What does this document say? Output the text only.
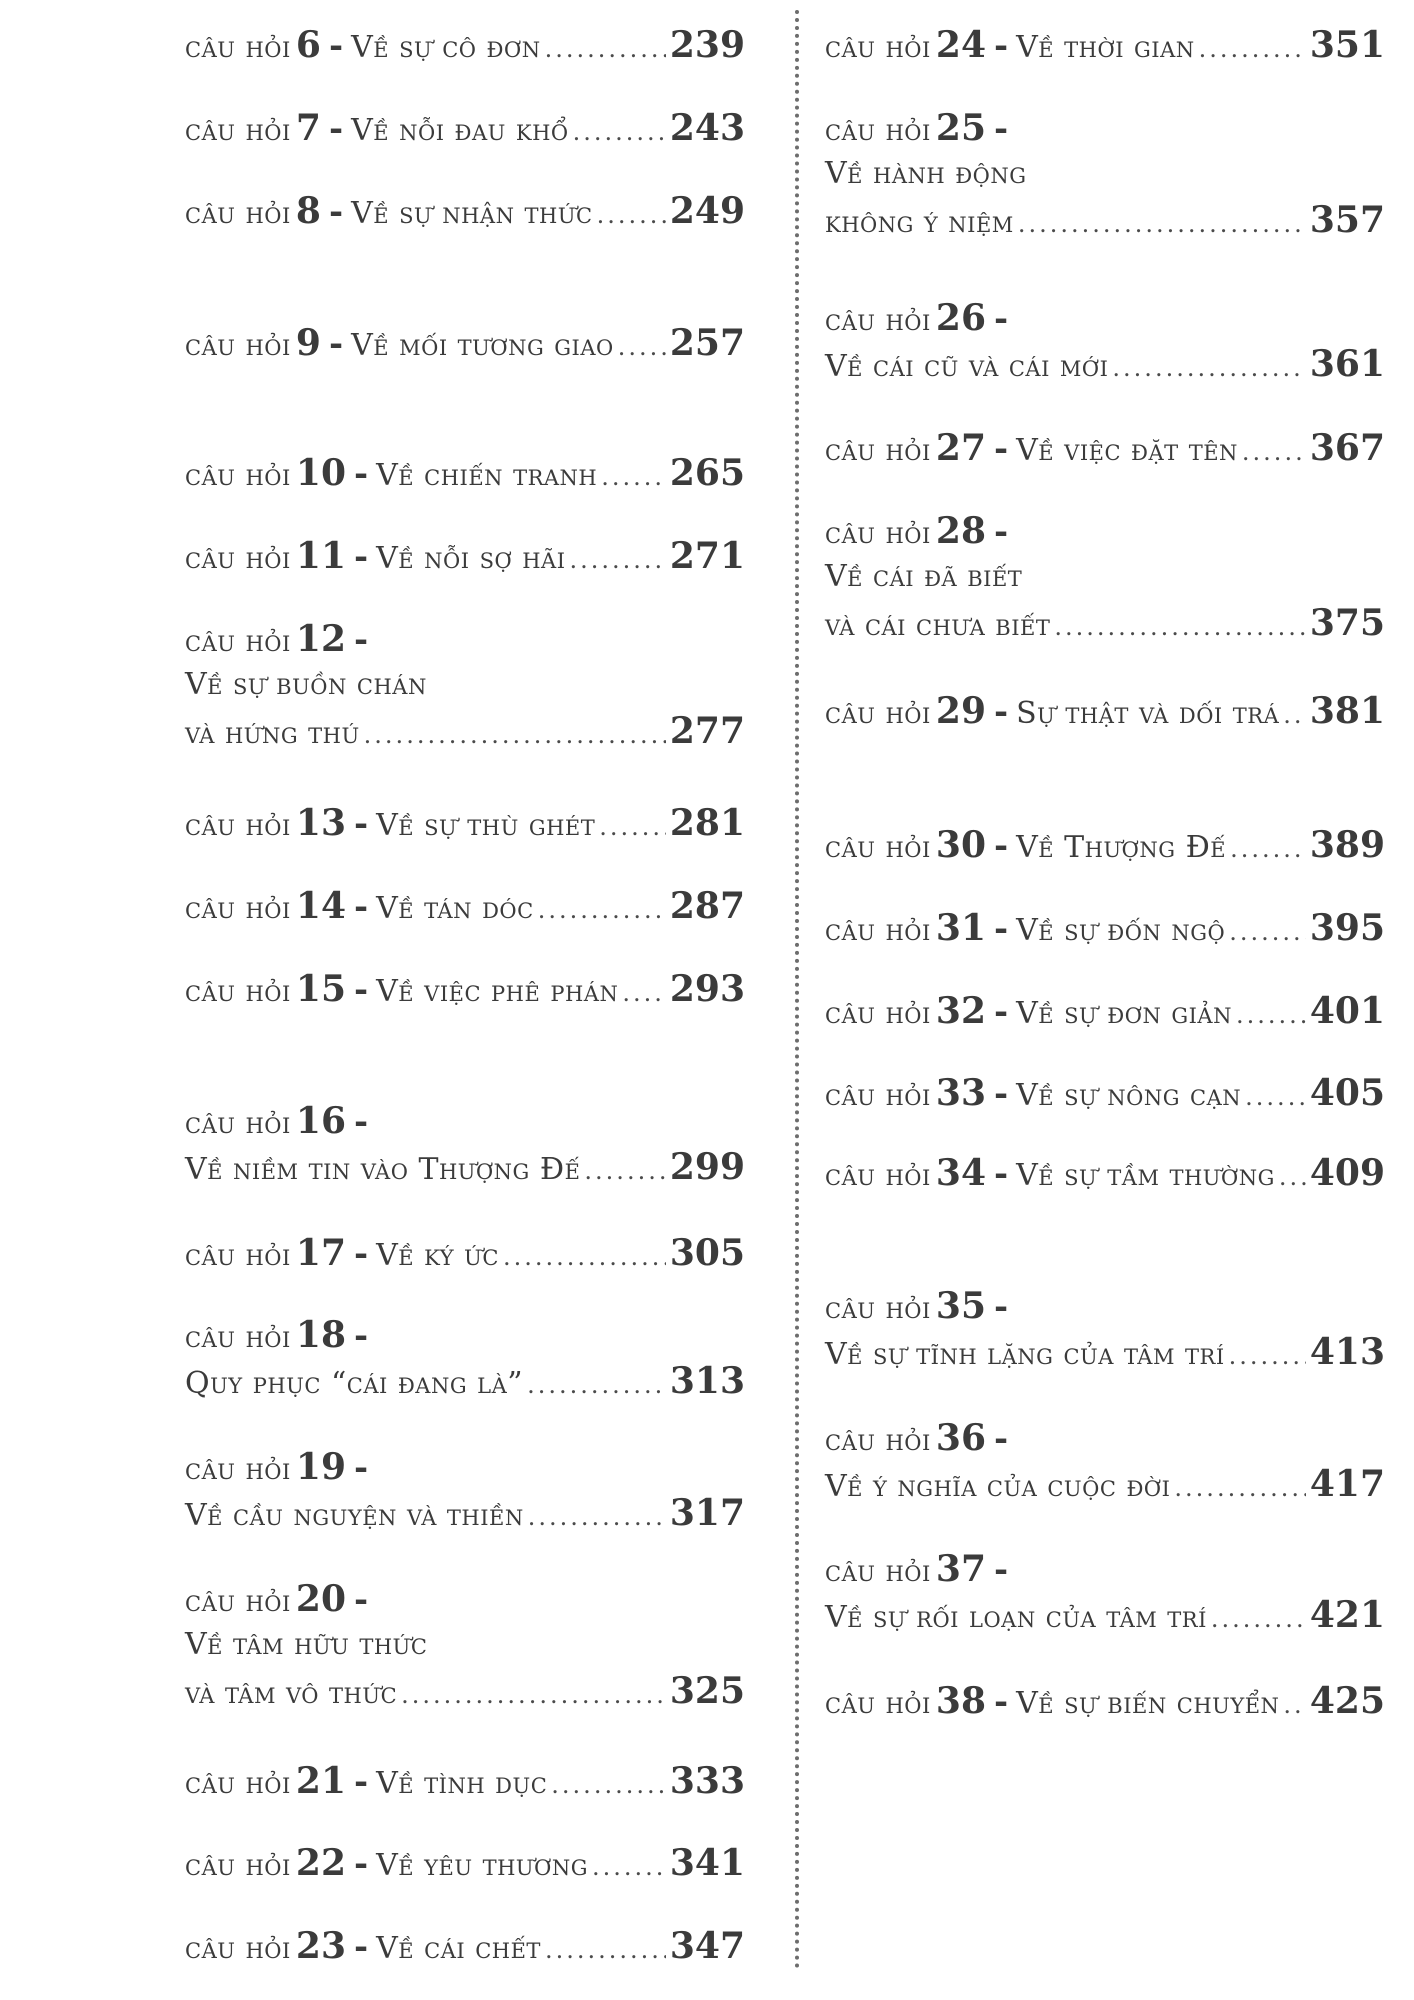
câu hỏi
6 - Về sự cô đơn .....	239
câu hỏi
7 - Về nỗi đau khổ .....	243
câu hỏi
8 - Về sự nhận thức ..... 249
câu hỏi
9 - Về mối tương giao ..... 257
câu hỏi
10 - Về chiến tranh ..... 265
câu hỏi
11 - Về nỗi sợ hãi .....	271
câu hỏi
12 -
Về sự buồn chán
và hứng thú .....	277
câu hỏi
13 - Về sự thù ghét ..... 281
câu hỏi
14 - Về tán dóc .....	287
câu hỏi
15 - Về việc phê phán ..... 293
câu hỏi
16 -
Về niềm tin vào Thượng Đế ..... 299
câu hỏi
17 - Về ký ức .....	305
câu hỏi
18 -
Quy phục “cái đang là” .....	313
câu hỏi
19 -
Về cầu nguyện và thiền .....	317
câu hỏi
20 -
Về tâm hữu thức
và tâm vô thức .....	325
câu hỏi
21 - Về tình dục .....	333
câu hỏi
22 - Về yêu thương ..... 341
câu hỏi
23 - Về cái chết .....	347
câu hỏi
24 - Về thời gian .....	351
câu hỏi
25 -
Về hành động
không ý niệm .....	357
câu hỏi
26 -
Về cái cũ và cái mới .....	361
câu hỏi
27 - Về việc đặt tên ..... 367
câu hỏi
28 -
Về cái đã biết
và cái chưa biết .....	375
câu hỏi
29 - Sự thật và dối trá ..... 381
câu hỏi
30 - Về Thượng Đế ..... 389
câu hỏi
31 - Về sự đốn ngộ ..... 395
câu hỏi
32 - Về sự đơn giản ..... 401
câu hỏi
33 - Về sự nông cạn ..... 405
câu hỏi
34 - Về sự tầm thường ..... 409
câu hỏi
35 -
Về sự tĩnh lặng của tâm trí ..... 413
câu hỏi
36 -
Về ý nghĩa của cuộc đời .....	417
câu hỏi
37 -
Về sự rối loạn của tâm trí .....	421
câu hỏi
38 - Về sự biến chuyển ..... 425
